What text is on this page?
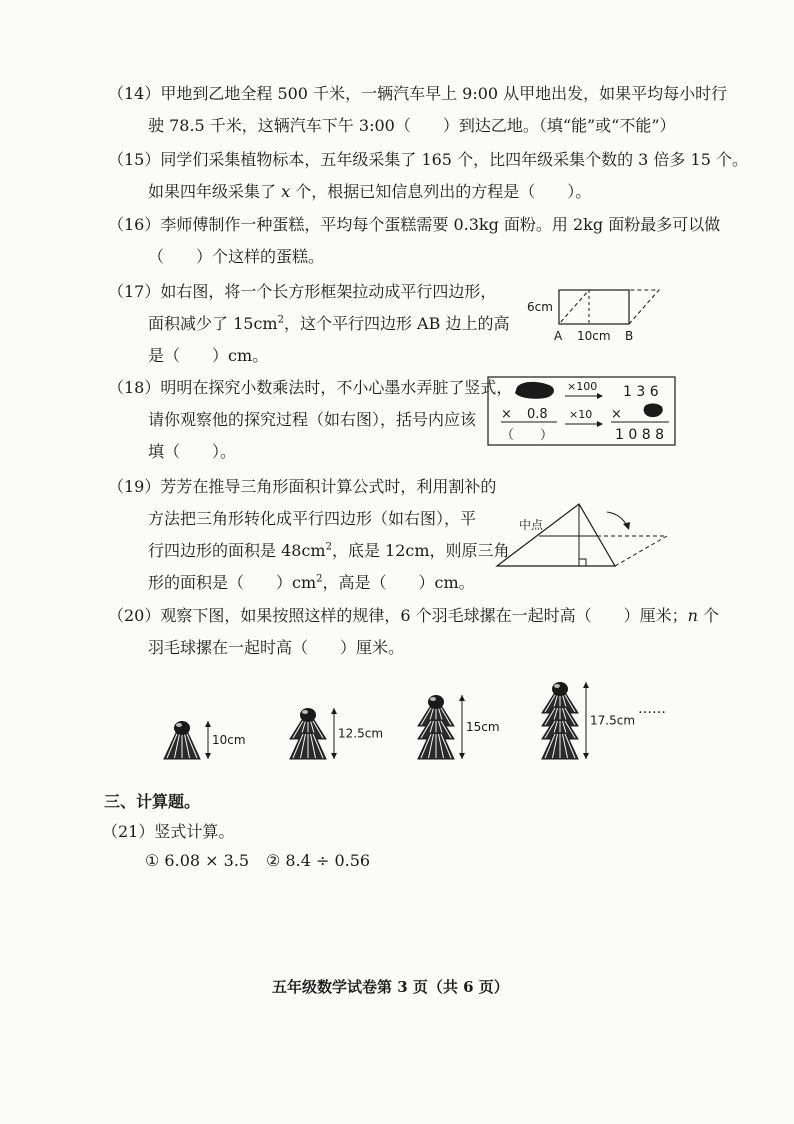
（14）甲地到乙地全程 500 千米，一辆汽车早上 9:00 从甲地出发，如果平均每小时行
驶 78.5 千米，这辆汽车下午 3:00（　　）到达乙地。（填“能”或“不能”）
（15）同学们采集植物标本，五年级采集了 165 个，比四年级采集个数的 3 倍多 15 个。
如果四年级采集了 x 个，根据已知信息列出的方程是（　　）。
（16）李师傅制作一种蛋糕，平均每个蛋糕需要 0.3kg 面粉。用 2kg 面粉最多可以做
（　　）个这样的蛋糕。
（17）如右图，将一个长方形框架拉动成平行四边形，
面积减少了 $15cm^2$，这个平行四边形 AB 边上的高
是（　　）cm。
6cm
A 10cm B
（18）明明在探究小数乘法时，不小心墨水弄脏了竖式，
请你观察他的探究过程（如右图），括号内应该
填（　　）。
× 0.8
（　　）
×100
×10
1 3 6
×
1 0 8 8
（19）芳芳在推导三角形面积计算公式时，利用割补的
方法把三角形转化成平行四边形（如右图），平
行四边形的面积是 $48cm^2$，底是 12cm，则原三角
形的面积是（　　）$cm^2$，高是（　　）cm。
中点
（20）观察下图，如果按照这样的规律，6 个羽毛球摞在一起时高（　　）厘米；n 个
羽毛球摞在一起时高（　　）厘米。
……
10cm	12.5cm	15cm	17.5cm
三、计算题。
（21）竖式计算。
① 6.08 × 3.5 ② 8.4 ÷ 0.56
五年级数学试卷第 3 页（共 6 页）
